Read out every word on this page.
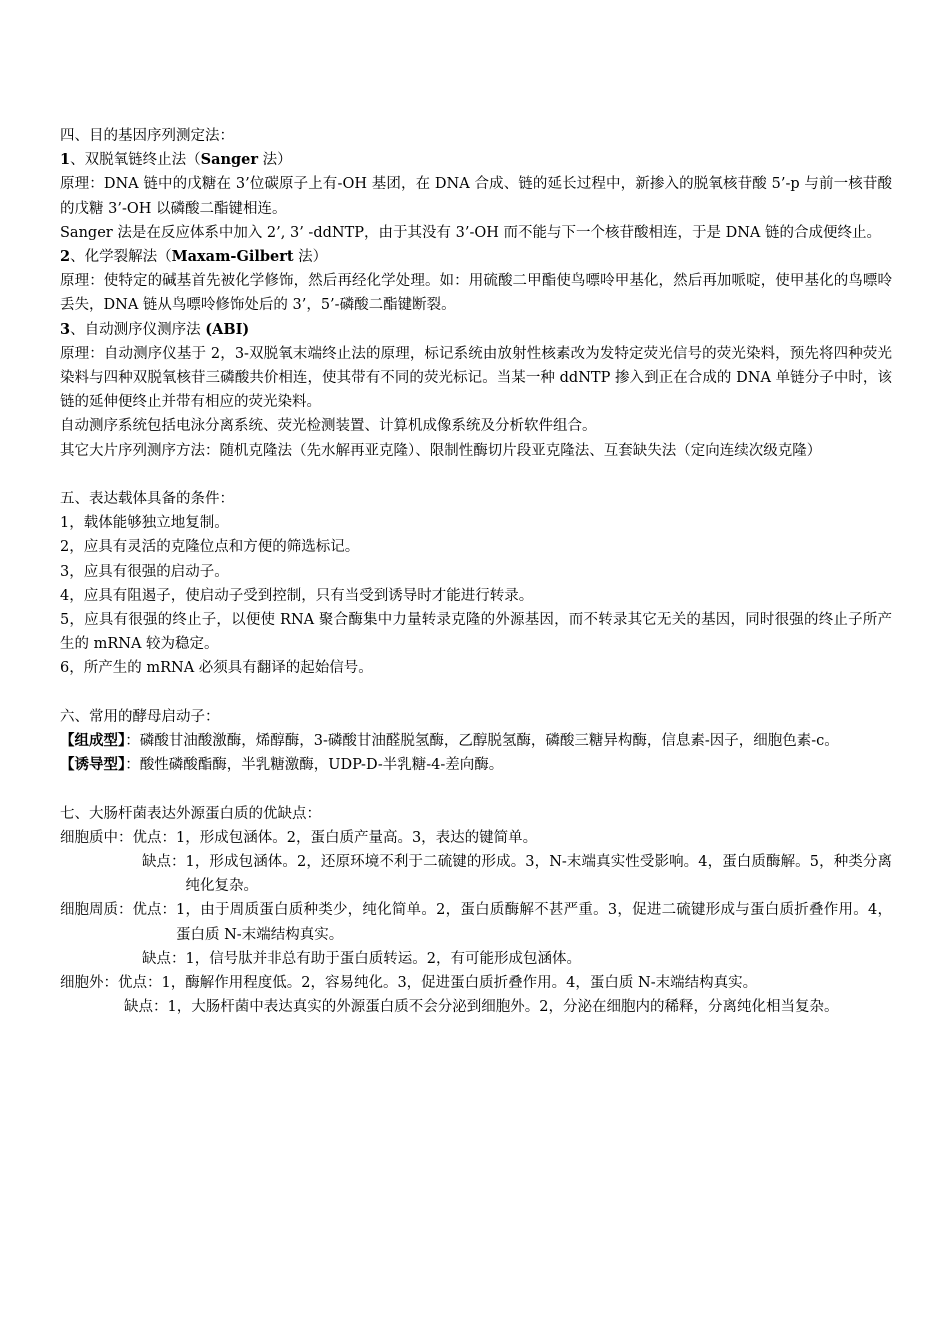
四、目的基因序列测定法：

1、双脱氧链终止法（Sanger 法）

原理：DNA 链中的戊糖在 3’位碳原子上有-OH 基团，在 DNA 合成、链的延长过程中，新掺入的脱氧核苷酸 5’-p 与前一核苷酸的戊糖 3’-OH 以磷酸二酯键相连。

Sanger 法是在反应体系中加入 2’, 3’ -ddNTP，由于其没有 3’-OH 而不能与下一个核苷酸相连，于是 DNA 链的合成便终止。

2、化学裂解法（Maxam-Gilbert 法）

原理：使特定的碱基首先被化学修饰，然后再经化学处理。如：用硫酸二甲酯使鸟嘌呤甲基化，然后再加哌啶，使甲基化的鸟嘌呤丢失，DNA 链从鸟嘌呤修饰处后的 3’，5’-磷酸二酯键断裂。

3、自动测序仪测序法 (ABI)

原理：自动测序仪基于 2，3-双脱氧末端终止法的原理，标记系统由放射性核素改为发特定荧光信号的荧光染料，预先将四种荧光染料与四种双脱氧核苷三磷酸共价相连，使其带有不同的荧光标记。当某一种 ddNTP 掺入到正在合成的 DNA 单链分子中时，该链的延伸便终止并带有相应的荧光染料。

自动测序系统包括电泳分离系统、荧光检测装置、计算机成像系统及分析软件组合。

其它大片序列测序方法：随机克隆法（先水解再亚克隆）、限制性酶切片段亚克隆法、互套缺失法（定向连续次级克隆）

五、表达载体具备的条件：

1，载体能够独立地复制。

2，应具有灵活的克隆位点和方便的筛选标记。

3，应具有很强的启动子。

4，应具有阻遏子，使启动子受到控制，只有当受到诱导时才能进行转录。

5，应具有很强的终止子，以便使 RNA 聚合酶集中力量转录克隆的外源基因，而不转录其它无关的基因，同时很强的终止子所产生的 mRNA 较为稳定。

6，所产生的 mRNA 必须具有翻译的起始信号。

六、常用的酵母启动子：

【组成型】：磷酸甘油酸激酶，烯醇酶，3-磷酸甘油醛脱氢酶，乙醇脱氢酶，磷酸三糖异构酶，信息素-因子，细胞色素-c。

【诱导型】：酸性磷酸酯酶，半乳糖激酶，UDP-D-半乳糖-4-差向酶。

七、大肠杆菌表达外源蛋白质的优缺点：

细胞质中：优点： 1，形成包涵体。2，蛋白质产量高。3，表达的键简单。
缺点： 1，形成包涵体。2，还原环境不利于二硫键的形成。3，N-末端真实性受影响。4，蛋白质酶解。5，种类分离纯化复杂。
细胞周质：优点： 1，由于周质蛋白质种类少，纯化简单。2，蛋白质酶解不甚严重。3，促进二硫键形成与蛋白质折叠作用。4，蛋白质 N-末端结构真实。
缺点： 1，信号肽并非总有助于蛋白质转运。2，有可能形成包涵体。
细胞外：优点： 1，酶解作用程度低。2，容易纯化。3，促进蛋白质折叠作用。4，蛋白质 N-末端结构真实。
缺点： 1，大肠杆菌中表达真实的外源蛋白质不会分泌到细胞外。2，分泌在细胞内的稀释，分离纯化相当复杂。
